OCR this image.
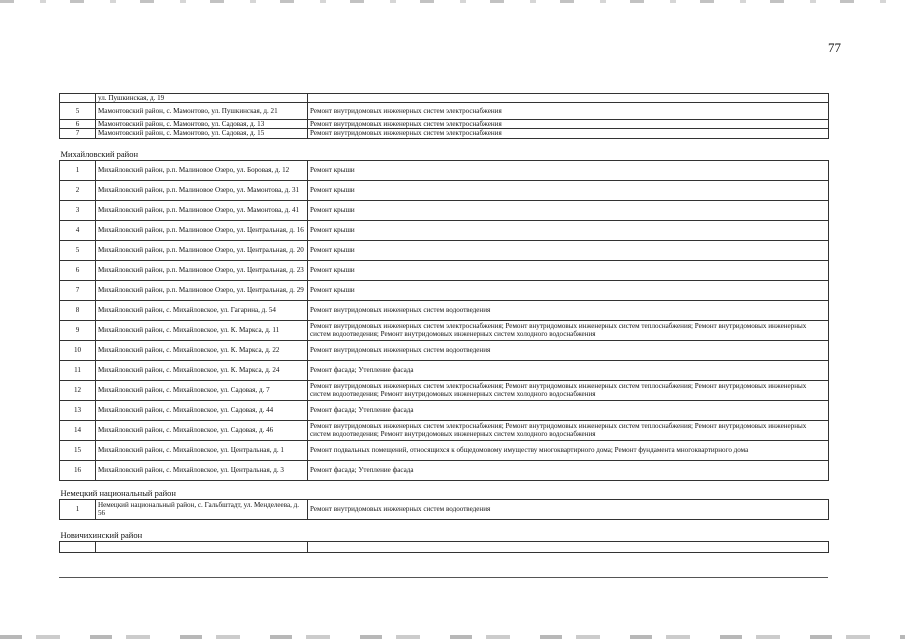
77
	ул. Пушкинская, д. 19	
5	Мамонтовский район, с. Мамонтово, ул. Пушкинская, д. 21	Ремонт внутридомовых инженерных систем электроснабжения
6	Мамонтовский район, с. Мамонтово, ул. Садовая, д. 13	Ремонт внутридомовых инженерных систем электроснабжения
7	Мамонтовский район, с. Мамонтово, ул. Садовая, д. 15	Ремонт внутридомовых инженерных систем электроснабжения
Михайловский район		
1	Михайловский район, р.п. Малиновое Озеро, ул. Боровая, д. 12	Ремонт крыши
2	Михайловский район, р.п. Малиновое Озеро, ул. Мамонтова, д. 31	Ремонт крыши
3	Михайловский район, р.п. Малиновое Озеро, ул. Мамонтова, д. 41	Ремонт крыши
4	Михайловский район, р.п. Малиновое Озеро, ул. Центральная, д. 16	Ремонт крыши
5	Михайловский район, р.п. Малиновое Озеро, ул. Центральная, д. 20	Ремонт крыши
6	Михайловский район, р.п. Малиновое Озеро, ул. Центральная, д. 23	Ремонт крыши
7	Михайловский район, р.п. Малиновое Озеро, ул. Центральная, д. 29	Ремонт крыши
8	Михайловский район, с. Михайловское, ул. Гагарина, д. 54	Ремонт внутридомовых инженерных систем водоотведения
9	Михайловский район, с. Михайловское, ул. К. Маркса, д. 11	Ремонт внутридомовых инженерных систем электроснабжения; Ремонт внутридомовых инженерных систем теплоснабжения; Ремонт внутридомовых инженерных систем водоотведения; Ремонт внутридомовых инженерных систем холодного водоснабжения
10	Михайловский район, с. Михайловское, ул. К. Маркса, д. 22	Ремонт внутридомовых инженерных систем водоотведения
11	Михайловский район, с. Михайловское, ул. К. Маркса, д. 24	Ремонт фасада; Утепление фасада
12	Михайловский район, с. Михайловское, ул. Садовая, д. 7	Ремонт внутридомовых инженерных систем электроснабжения; Ремонт внутридомовых инженерных систем теплоснабжения; Ремонт внутридомовых инженерных систем водоотведения; Ремонт внутридомовых инженерных систем холодного водоснабжения
13	Михайловский район, с. Михайловское, ул. Садовая, д. 44	Ремонт фасада; Утепление фасада
14	Михайловский район, с. Михайловское, ул. Садовая, д. 46	Ремонт внутридомовых инженерных систем электроснабжения; Ремонт внутридомовых инженерных систем теплоснабжения; Ремонт внутридомовых инженерных систем водоотведения; Ремонт внутридомовых инженерных систем холодного водоснабжения
15	Михайловский район, с. Михайловское, ул. Центральная, д. 1	Ремонт подвальных помещений, относящихся к общедомовому имуществу многоквартирного дома; Ремонт фундамента многоквартирного дома
16	Михайловский район, с. Михайловское, ул. Центральная, д. 3	Ремонт фасада; Утепление фасада
Немецкий национальный район		
1	Немецкий национальный район, с. Гальбштадт, ул. Менделеева, д. 56	Ремонт внутридомовых инженерных систем водоотведения
Новичихинский район		
